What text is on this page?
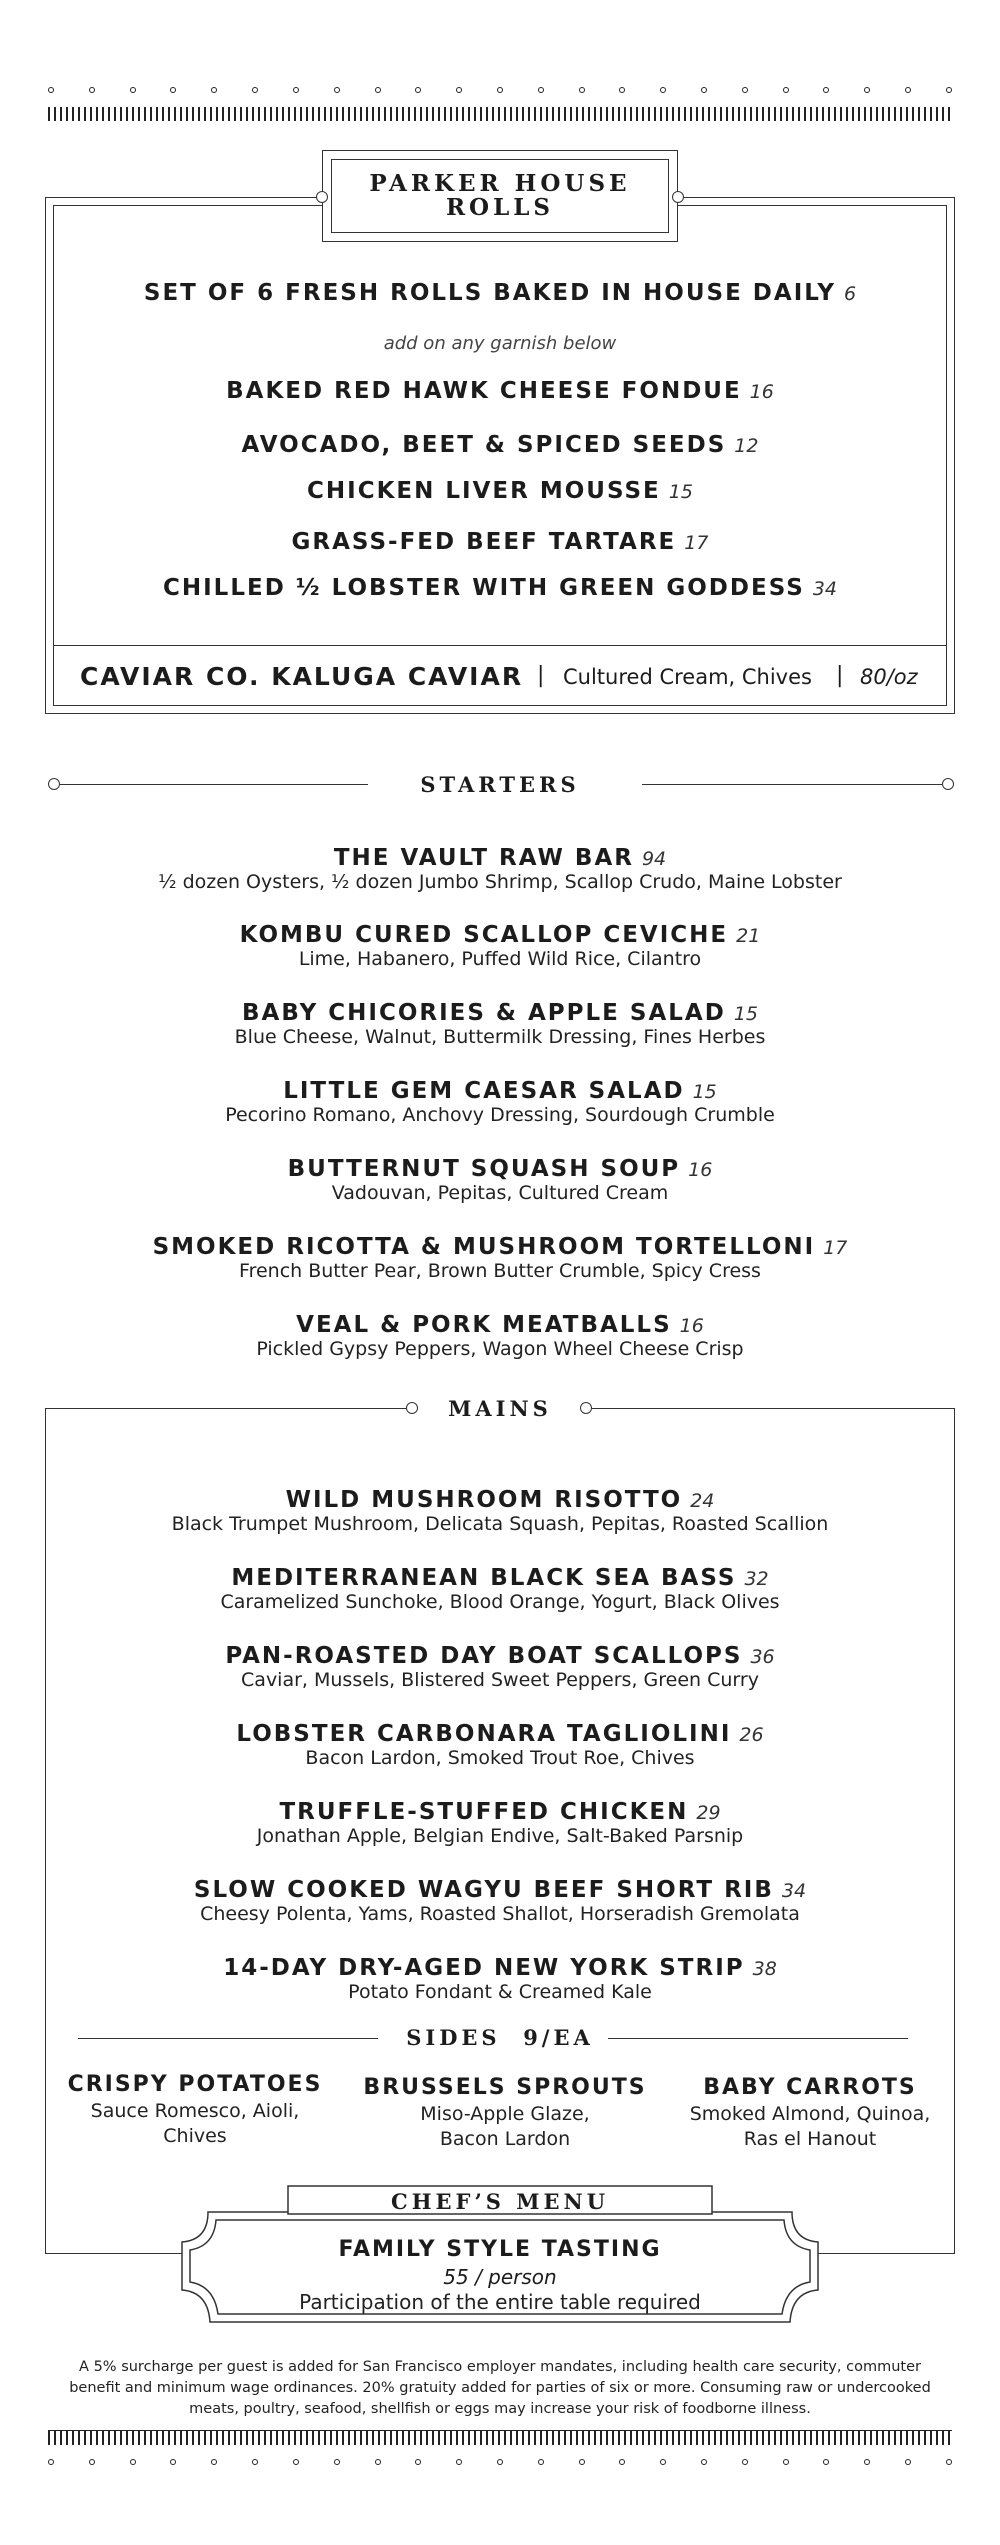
PARKER HOUSE
ROLLS
SET OF 6 FRESH ROLLS BAKED IN HOUSE DAILY 6
add on any garnish below
BAKED RED HAWK CHEESE FONDUE 16
AVOCADO, BEET & SPICED SEEDS 12
CHICKEN LIVER MOUSSE 15
GRASS-FED BEEF TARTARE 17
CHILLED ½ LOBSTER WITH GREEN GODDESS 34
CAVIAR CO. KALUGA CAVIAR | Cultured Cream, Chives | 80/oz
STARTERS
THE VAULT RAW BAR 94
½ dozen Oysters, ½ dozen Jumbo Shrimp, Scallop Crudo, Maine Lobster
KOMBU CURED SCALLOP CEVICHE 21
Lime, Habanero, Puffed Wild Rice, Cilantro
BABY CHICORIES & APPLE SALAD 15
Blue Cheese, Walnut, Buttermilk Dressing, Fines Herbes
LITTLE GEM CAESAR SALAD 15
Pecorino Romano, Anchovy Dressing, Sourdough Crumble
BUTTERNUT SQUASH SOUP 16
Vadouvan, Pepitas, Cultured Cream
SMOKED RICOTTA & MUSHROOM TORTELLONI 17
French Butter Pear, Brown Butter Crumble, Spicy Cress
VEAL & PORK MEATBALLS 16
Pickled Gypsy Peppers, Wagon Wheel Cheese Crisp
MAINS
WILD MUSHROOM RISOTTO 24
Black Trumpet Mushroom, Delicata Squash, Pepitas, Roasted Scallion
MEDITERRANEAN BLACK SEA BASS 32
Caramelized Sunchoke, Blood Orange, Yogurt, Black Olives
PAN-ROASTED DAY BOAT SCALLOPS 36
Caviar, Mussels, Blistered Sweet Peppers, Green Curry
LOBSTER CARBONARA TAGLIOLINI 26
Bacon Lardon, Smoked Trout Roe, Chives
TRUFFLE-STUFFED CHICKEN 29
Jonathan Apple, Belgian Endive, Salt-Baked Parsnip
SLOW COOKED WAGYU BEEF SHORT RIB 34
Cheesy Polenta, Yams, Roasted Shallot, Horseradish Gremolata
14-DAY DRY-AGED NEW YORK STRIP 38
Potato Fondant & Creamed Kale
SIDES  9/EA
CRISPY POTATOES
Sauce Romesco, Aioli,
Chives
BRUSSELS SPROUTS
Miso-Apple Glaze,
Bacon Lardon
BABY CARROTS
Smoked Almond, Quinoa,
Ras el Hanout
CHEF’S MENU
FAMILY STYLE TASTING
55 / person
Participation of the entire table required
A 5% surcharge per guest is added for San Francisco employer mandates, including health care security, commuter
benefit and minimum wage ordinances. 20% gratuity added for parties of six or more. Consuming raw or undercooked
meats, poultry, seafood, shellfish or eggs may increase your risk of foodborne illness.
